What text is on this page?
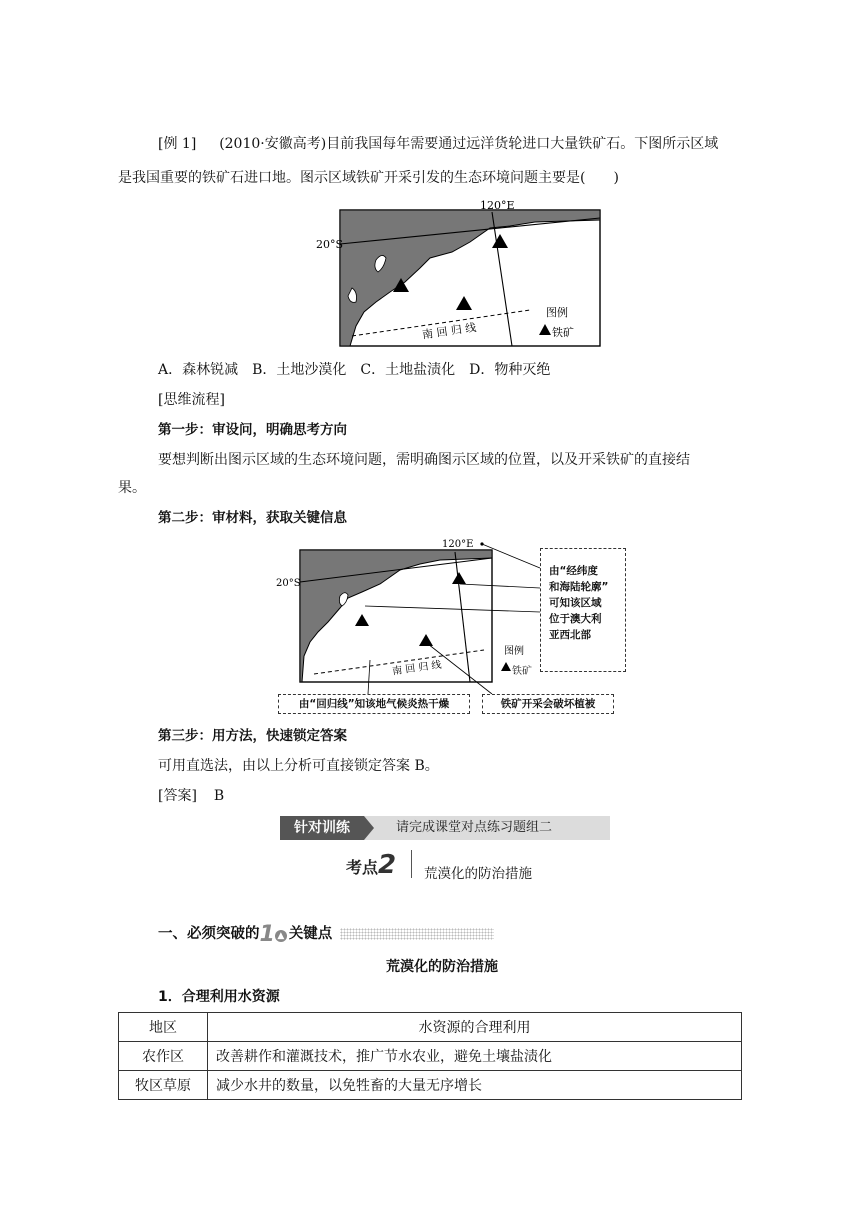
[例 1] (2010·安徽高考)目前我国每年需要通过远洋货轮进口大量铁矿石。下图所示区域
是我国重要的铁矿石进口地。图示区域铁矿开采引发的生态环境问题主要是(　　)
120°E
20°S
南 回 归 线
图例
铁矿
A．森林锐减　B．土地沙漠化　C．土地盐渍化　D．物种灭绝
[思维流程]
第一步：审设问，明确思考方向
要想判断出图示区域的生态环境问题，需明确图示区域的位置，以及开采铁矿的直接结
果。
第二步：审材料，获取关键信息
120°E
20°S
南 回 归 线
图例
铁矿
由“经纬度
和海陆轮廓”
可知该区域
位于澳大利
亚西北部
由“回归线”知该地气候炎热干燥	铁矿开采会破坏植被
第三步：用方法，快速锁定答案
可用直选法，由以上分析可直接锁定答案 B。
[答案] B
针对训练	请完成课堂对点练习题组二
考点2 荒漠化的防治措施
一、必须突破的1 ▲ 关键点
荒漠化的防治措施
1．合理利用水资源
地区	水资源的合理利用
农作区	改善耕作和灌溉技术，推广节水农业，避免土壤盐渍化
牧区草原	减少水井的数量，以免牲畜的大量无序增长
